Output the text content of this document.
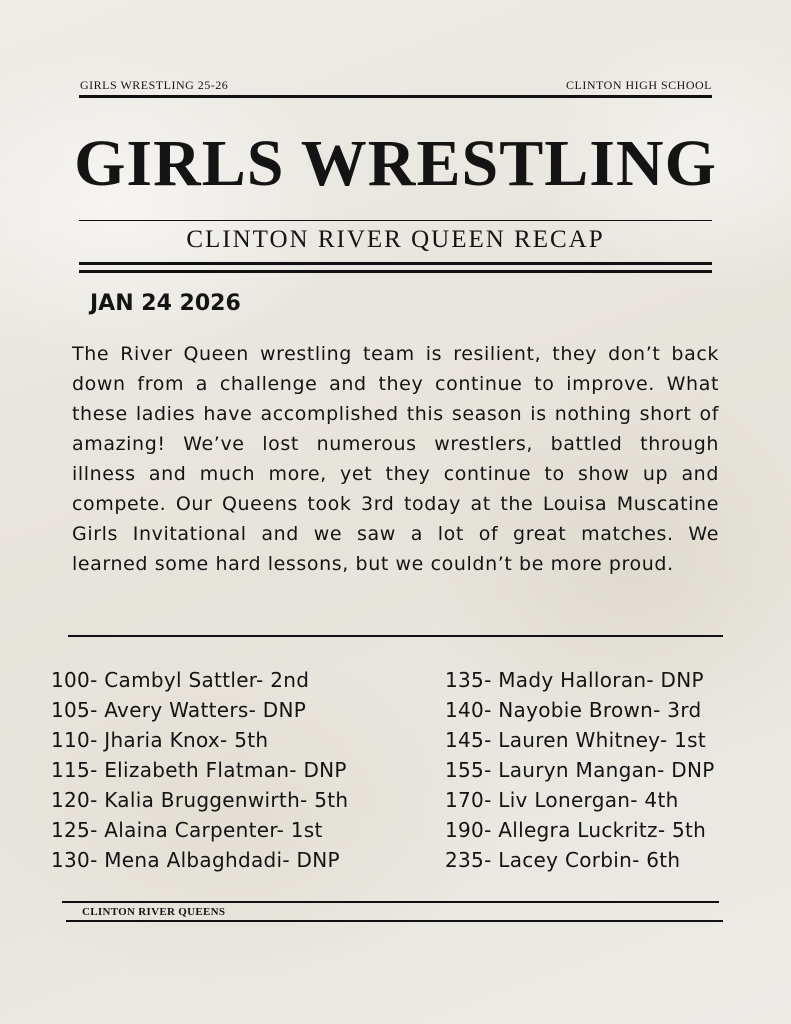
GIRLS WRESTLING 25-26	CLINTON HIGH SCHOOL
GIRLS WRESTLING
CLINTON RIVER QUEEN RECAP
JAN 24 2026
The River Queen wrestling team is resilient, they don’t back down from a challenge and they continue to improve. What these ladies have accomplished this season is nothing short of amazing! We’ve lost numerous wrestlers, battled through illness and much more, yet they continue to show up and compete. Our Queens took 3rd today at the Louisa Muscatine Girls Invitational and we saw a lot of great matches. We learned some hard lessons, but we couldn’t be more proud.
100- Cambyl Sattler- 2nd
105- Avery Watters- DNP
110- Jharia Knox- 5th
115- Elizabeth Flatman- DNP
120- Kalia Bruggenwirth- 5th
125- Alaina Carpenter- 1st
130- Mena Albaghdadi- DNP
135- Mady Halloran- DNP
140- Nayobie Brown- 3rd
145- Lauren Whitney- 1st
155- Lauryn Mangan- DNP
170- Liv Lonergan- 4th
190- Allegra Luckritz- 5th
235- Lacey Corbin- 6th
CLINTON RIVER QUEENS
